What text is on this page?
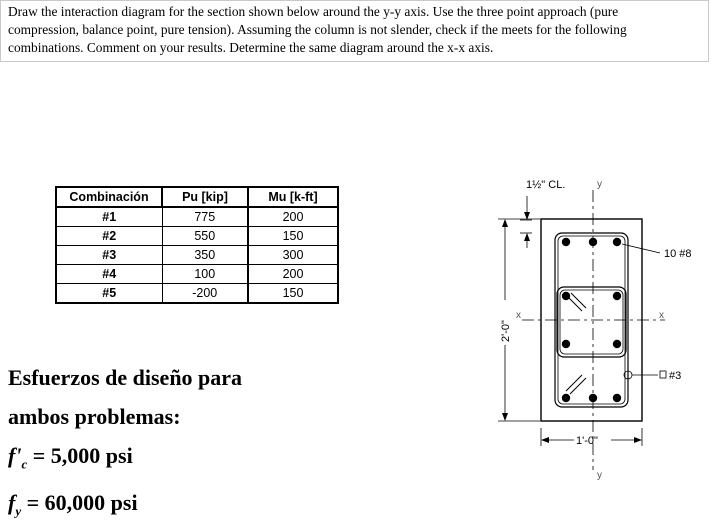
Draw the interaction diagram for the section shown below around the y-y axis. Use the three point approach (pure
compression, balance point, pure tension). Assuming the column is not slender, check if the meets for the following
combinations. Comment on your results. Determine the same diagram around the x-x axis.
Combinación	Pu [kip]	Mu [k-ft]
#1	775	200
#2	550	150
#3	350	300
#4	100	200
#5	-200	150
Esfuerzos de diseño para
ambos problemas:
$f'_c = 5,000$ psi
$f_y = 60,000$ psi
y
y
x	x
1½" CL.
2'-0"
1'-0"
10 #8
#3
